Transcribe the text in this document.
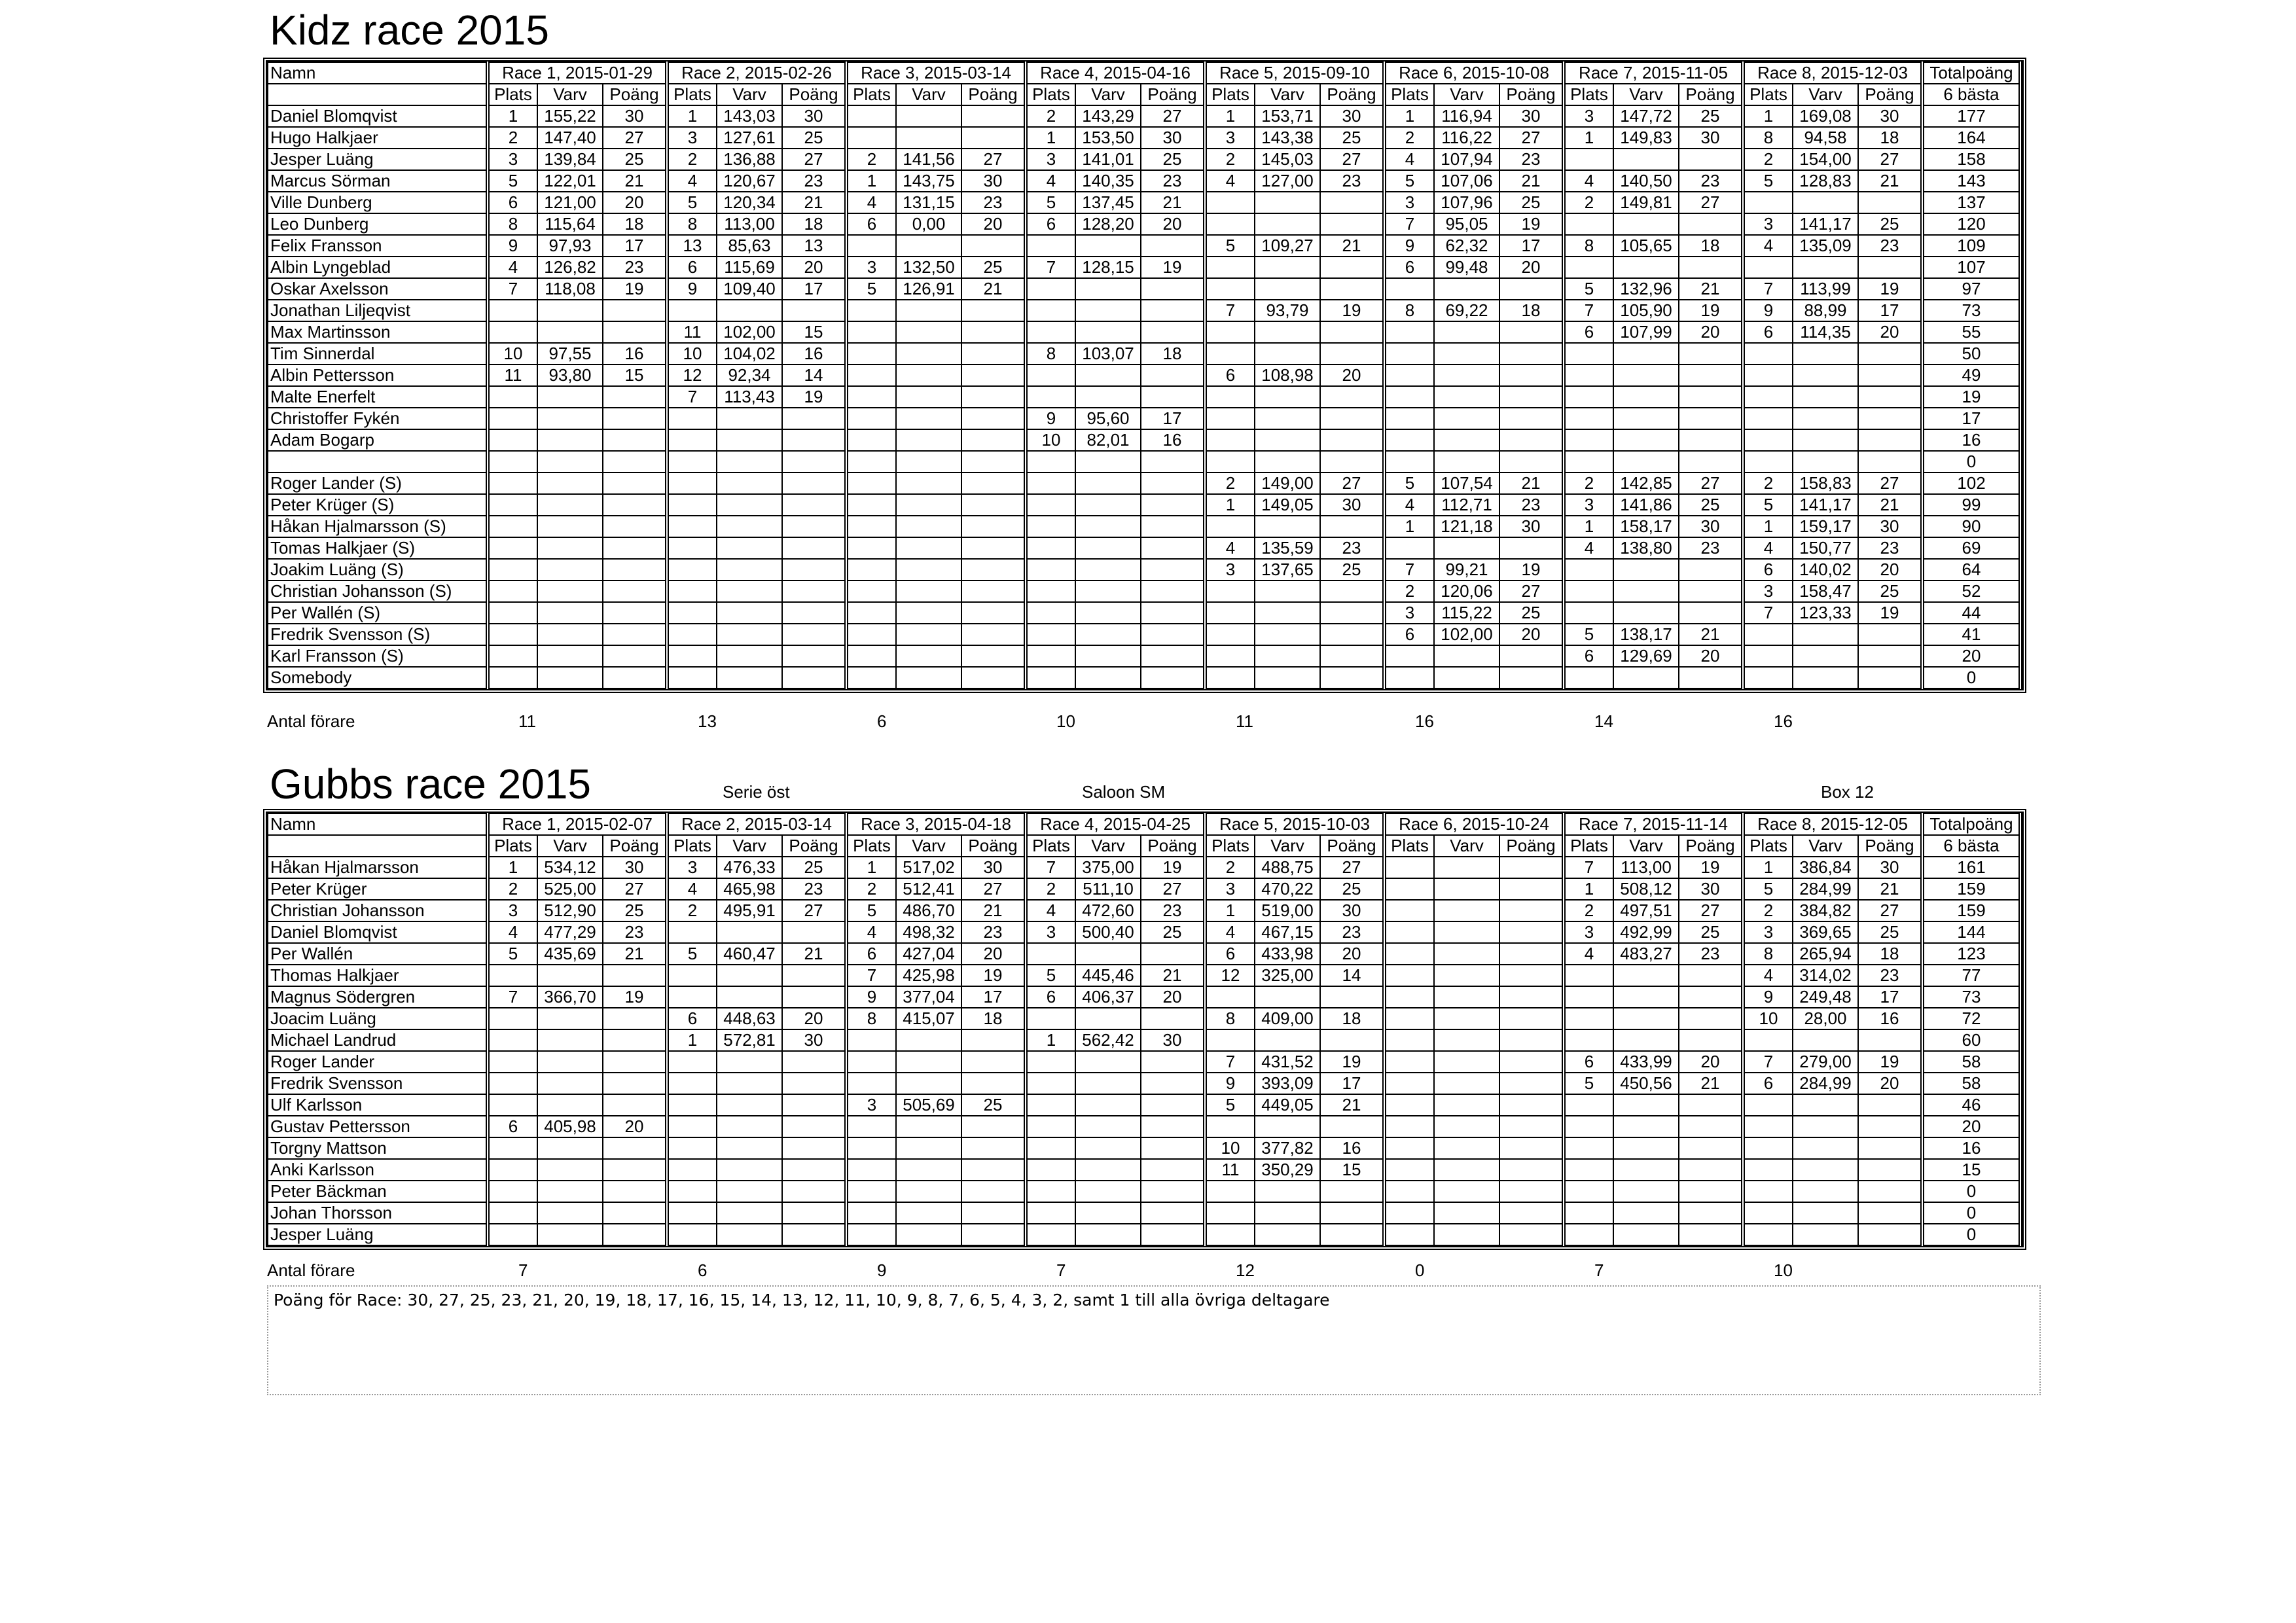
Kidz race 2015
Namn	Race 1, 2015-01-29			Race 2, 2015-02-26			Race 3, 2015-03-14			Race 4, 2015-04-16			Race 5, 2015-09-10			Race 6, 2015-10-08			Race 7, 2015-11-05			Race 8, 2015-12-03			Totalpoäng
	Plats	Varv	Poäng	Plats	Varv	Poäng	Plats	Varv	Poäng	Plats	Varv	Poäng	Plats	Varv	Poäng	Plats	Varv	Poäng	Plats	Varv	Poäng	Plats	Varv	Poäng	6 bästa
Daniel Blomqvist	1	155,22	30	1	143,03	30				2	143,29	27	1	153,71	30	1	116,94	30	3	147,72	25	1	169,08	30	177
Hugo Halkjaer	2	147,40	27	3	127,61	25				1	153,50	30	3	143,38	25	2	116,22	27	1	149,83	30	8	94,58	18	164
Jesper Luäng	3	139,84	25	2	136,88	27	2	141,56	27	3	141,01	25	2	145,03	27	4	107,94	23				2	154,00	27	158
Marcus Sörman	5	122,01	21	4	120,67	23	1	143,75	30	4	140,35	23	4	127,00	23	5	107,06	21	4	140,50	23	5	128,83	21	143
Ville Dunberg	6	121,00	20	5	120,34	21	4	131,15	23	5	137,45	21				3	107,96	25	2	149,81	27				137
Leo Dunberg	8	115,64	18	8	113,00	18	6	0,00	20	6	128,20	20				7	95,05	19				3	141,17	25	120
Felix Fransson	9	97,93	17	13	85,63	13							5	109,27	21	9	62,32	17	8	105,65	18	4	135,09	23	109
Albin Lyngeblad	4	126,82	23	6	115,69	20	3	132,50	25	7	128,15	19				6	99,48	20							107
Oskar Axelsson	7	118,08	19	9	109,40	17	5	126,91	21										5	132,96	21	7	113,99	19	97
Jonathan Liljeqvist													7	93,79	19	8	69,22	18	7	105,90	19	9	88,99	17	73
Max Martinsson				11	102,00	15													6	107,99	20	6	114,35	20	55
Tim Sinnerdal	10	97,55	16	10	104,02	16				8	103,07	18													50
Albin Pettersson	11	93,80	15	12	92,34	14							6	108,98	20										49
Malte Enerfelt				7	113,43	19																			19
Christoffer Fykén										9	95,60	17													17
Adam Bogarp										10	82,01	16													16
																									0
Roger Lander (S)													2	149,00	27	5	107,54	21	2	142,85	27	2	158,83	27	102
Peter Krüger (S)													1	149,05	30	4	112,71	23	3	141,86	25	5	141,17	21	99
Håkan Hjalmarsson (S)																1	121,18	30	1	158,17	30	1	159,17	30	90
Tomas Halkjaer (S)													4	135,59	23				4	138,80	23	4	150,77	23	69
Joakim Luäng (S)													3	137,65	25	7	99,21	19				6	140,02	20	64
Christian Johansson (S)																2	120,06	27				3	158,47	25	52
Per Wallén (S)																3	115,22	25				7	123,33	19	44
Fredrik Svensson (S)																6	102,00	20	5	138,17	21				41
Karl Fransson (S)																			6	129,69	20				20
Somebody																									0
Antal förare	11	13	6	10	11	16	14	16
Gubbs race 2015	Serie öst	Saloon SM	Box 12
Namn	Race 1, 2015-02-07			Race 2, 2015-03-14			Race 3, 2015-04-18			Race 4, 2015-04-25			Race 5, 2015-10-03			Race 6, 2015-10-24			Race 7, 2015-11-14			Race 8, 2015-12-05			Totalpoäng
	Plats	Varv	Poäng	Plats	Varv	Poäng	Plats	Varv	Poäng	Plats	Varv	Poäng	Plats	Varv	Poäng	Plats	Varv	Poäng	Plats	Varv	Poäng	Plats	Varv	Poäng	6 bästa
Håkan Hjalmarsson	1	534,12	30	3	476,33	25	1	517,02	30	7	375,00	19	2	488,75	27				7	113,00	19	1	386,84	30	161
Peter Krüger	2	525,00	27	4	465,98	23	2	512,41	27	2	511,10	27	3	470,22	25				1	508,12	30	5	284,99	21	159
Christian Johansson	3	512,90	25	2	495,91	27	5	486,70	21	4	472,60	23	1	519,00	30				2	497,51	27	2	384,82	27	159
Daniel Blomqvist	4	477,29	23				4	498,32	23	3	500,40	25	4	467,15	23				3	492,99	25	3	369,65	25	144
Per Wallén	5	435,69	21	5	460,47	21	6	427,04	20				6	433,98	20				4	483,27	23	8	265,94	18	123
Thomas Halkjaer							7	425,98	19	5	445,46	21	12	325,00	14							4	314,02	23	77
Magnus Södergren	7	366,70	19				9	377,04	17	6	406,37	20										9	249,48	17	73
Joacim Luäng				6	448,63	20	8	415,07	18				8	409,00	18							10	28,00	16	72
Michael Landrud				1	572,81	30				1	562,42	30													60
Roger Lander													7	431,52	19				6	433,99	20	7	279,00	19	58
Fredrik Svensson													9	393,09	17				5	450,56	21	6	284,99	20	58
Ulf Karlsson							3	505,69	25				5	449,05	21										46
Gustav Pettersson	6	405,98	20																						20
Torgny Mattson													10	377,82	16										16
Anki Karlsson													11	350,29	15										15
Peter Bäckman																									0
Johan Thorsson																									0
Jesper Luäng																									0
Antal förare	7	6	9	7	12	0	7	10
Poäng för Race: 30, 27, 25, 23, 21, 20, 19, 18, 17, 16, 15, 14, 13, 12, 11, 10, 9, 8, 7, 6, 5, 4, 3, 2, samt 1 till alla övriga deltagare
